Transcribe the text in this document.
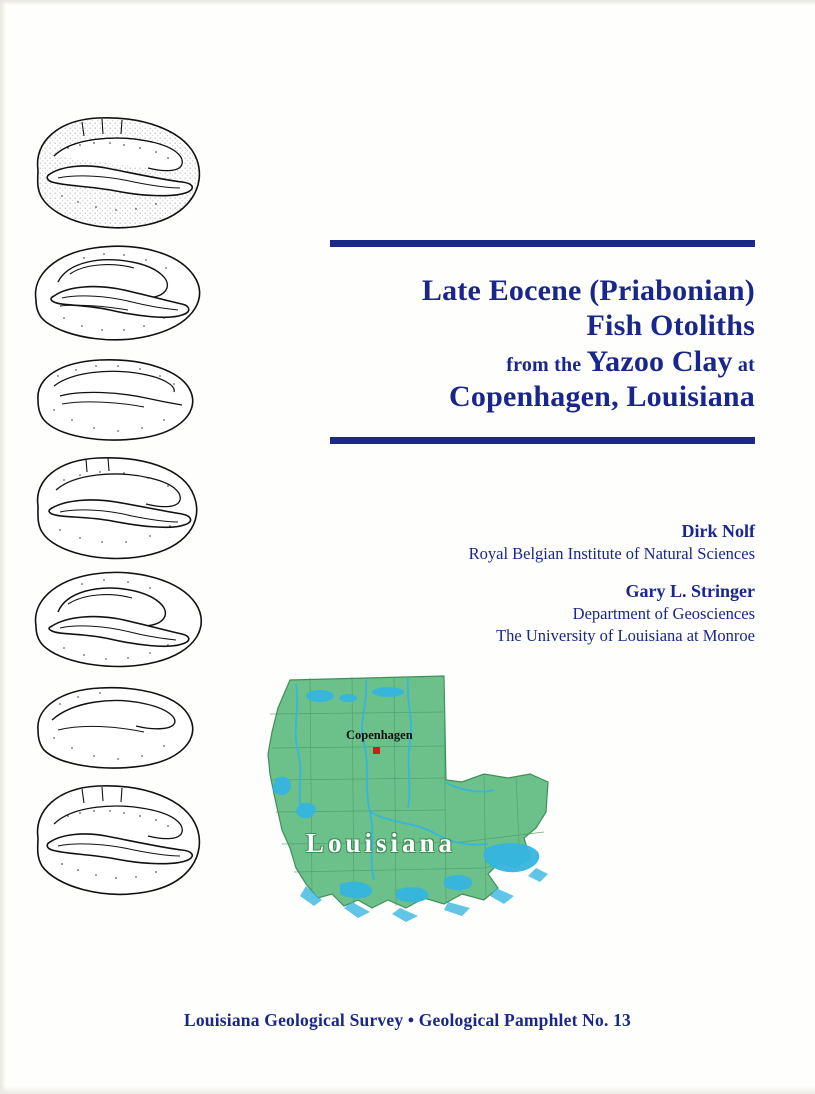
Late Eocene (Priabonian)
Fish Otoliths
from the Yazoo Clay at
Copenhagen, Louisiana
Dirk Nolf
Royal Belgian Institute of Natural Sciences
Gary L. Stringer
Department of Geosciences
The University of Louisiana at Monroe
Louisiana
Copenhagen
Louisiana Geological Survey • Geological Pamphlet No. 13
